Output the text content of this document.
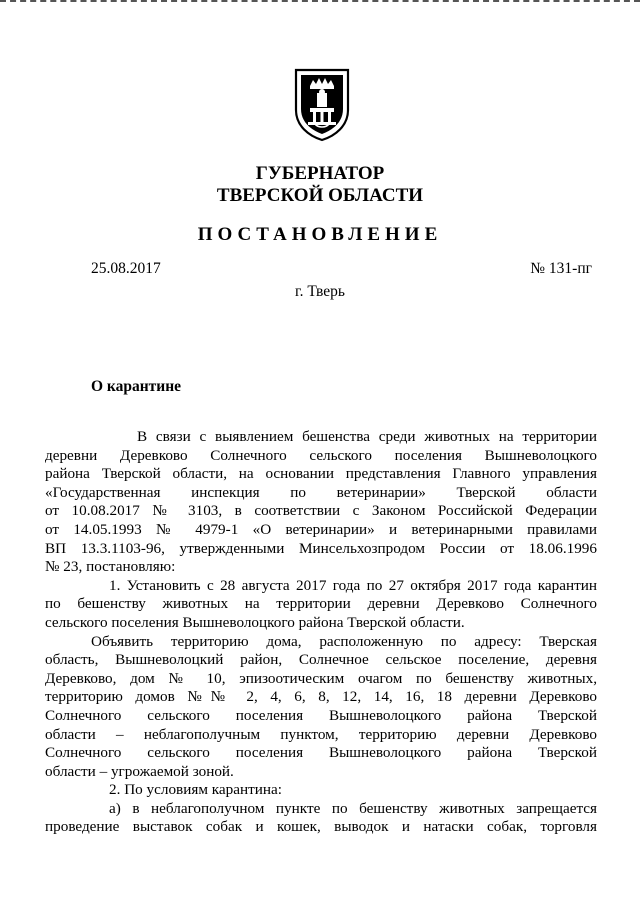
ГУБЕРНАТОР
ТВЕРСКОЙ ОБЛАСТИ
ПОСТАНОВЛЕНИЕ
25.08.2017	№ 131-пг
г. Тверь
О карантине

В связи с выявлением бешенства среди животных на территории
деревни Деревково Солнечного сельского поселения Вышневолоцкого
района Тверской области, на основании представления Главного управления
«Государственная инспекция по ветеринарии» Тверской области
от 10.08.2017 № 3103, в соответствии с Законом Российской Федерации
от 14.05.1993 № 4979-1 «О ветеринарии» и ветеринарными правилами
ВП 13.3.1103-96, утвержденными Минсельхозпродом России от 18.06.1996
№ 23, постановляю:

1. Установить с 28 августа 2017 года по 27 октября 2017 года карантин
по бешенству животных на территории деревни Деревково Солнечного
сельского поселения Вышневолоцкого района Тверской области.

Объявить территорию дома, расположенную по адресу: Тверская
область, Вышневолоцкий район, Солнечное сельское поселение, деревня
Деревково, дом № 10, эпизоотическим очагом по бешенству животных,
территорию домов №№ 2, 4, 6, 8, 12, 14, 16, 18 деревни Деревково
Солнечного сельского поселения Вышневолоцкого района Тверской
области – неблагополучным пунктом, территорию деревни Деревково
Солнечного сельского поселения Вышневолоцкого района Тверской
области – угрожаемой зоной.

2. По условиям карантина:

а) в неблагополучном пункте по бешенству животных запрещается
проведение выставок собак и кошек, выводок и натаски собак, торговля
